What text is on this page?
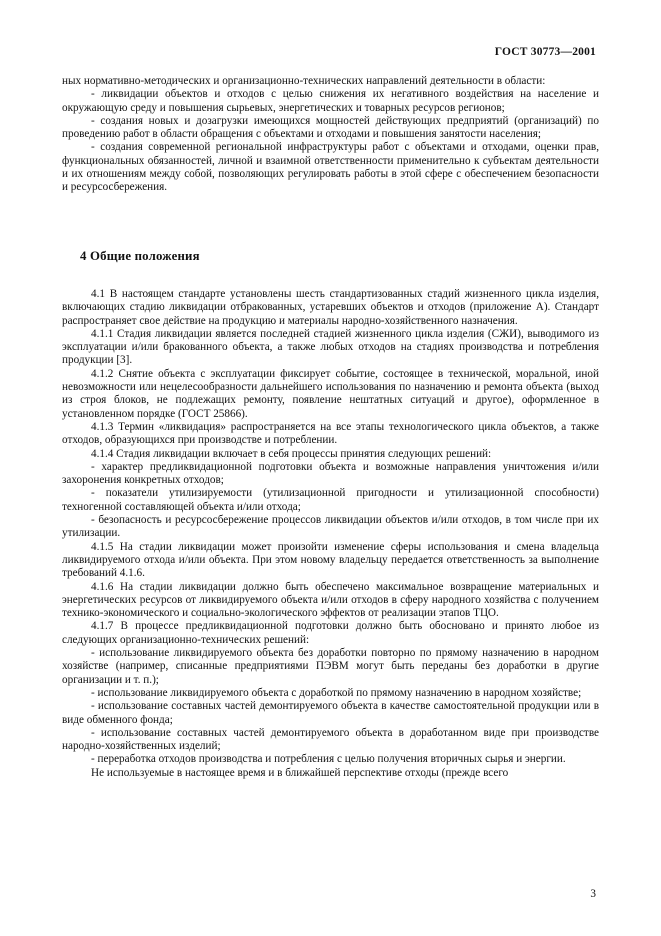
ГОСТ 30773—2001

ных нормативно-методических и организационно-технических направлений деятельности в области:

- ликвидации объектов и отходов с целью снижения их негативного воздействия на население и окружающую среду и повышения сырьевых, энергетических и товарных ресурсов регионов;

- создания новых и дозагрузки имеющихся мощностей действующих предприятий (организаций) по проведению работ в области обращения с объектами и отходами и повышения занятости населения;

- создания современной региональной инфраструктуры работ с объектами и отходами, оценки прав, функциональных обязанностей, личной и взаимной ответственности применительно к субъектам деятельности и их отношениям между собой, позволяющих регулировать работы в этой сфере с обеспечением безопасности и ресурсосбережения.

4 Общие положения

4.1 В настоящем стандарте установлены шесть стандартизованных стадий жизненного цикла изделия, включающих стадию ликвидации отбракованных, устаревших объектов и отходов (приложение А). Стандарт распространяет свое действие на продукцию и материалы народно-хозяйственного назначения.

4.1.1 Стадия ликвидации является последней стадией жизненного цикла изделия (СЖИ), выводимого из эксплуатации и/или бракованного объекта, а также любых отходов на стадиях производства и потребления продукции [3].

4.1.2 Снятие объекта с эксплуатации фиксирует событие, состоящее в технической, моральной, иной невозможности или нецелесообразности дальнейшего использования по назначению и ремонта объекта (выход из строя блоков, не подлежащих ремонту, появление нештатных ситуаций и другое), оформленное в установленном порядке (ГОСТ 25866).

4.1.3 Термин «ликвидация» распространяется на все этапы технологического цикла объектов, а также отходов, образующихся при производстве и потреблении.

4.1.4 Стадия ликвидации включает в себя процессы принятия следующих решений:

- характер предликвидационной подготовки объекта и возможные направления уничтожения и/или захоронения конкретных отходов;

- показатели утилизируемости (утилизационной пригодности и утилизационной способности) техногенной составляющей объекта и/или отхода;

- безопасность и ресурсосбережение процессов ликвидации объектов и/или отходов, в том числе при их утилизации.

4.1.5 На стадии ликвидации может произойти изменение сферы использования и смена владельца ликвидируемого отхода и/или объекта. При этом новому владельцу передается ответственность за выполнение требований 4.1.6.

4.1.6 На стадии ликвидации должно быть обеспечено максимальное возвращение материальных и энергетических ресурсов от ликвидируемого объекта и/или отходов в сферу народного хозяйства с получением технико-экономического и социально-экологического эффектов от реализации этапов ТЦО.

4.1.7 В процессе предликвидационной подготовки должно быть обосновано и принято любое из следующих организационно-технических решений:

- использование ликвидируемого объекта без доработки повторно по прямому назначению в народном хозяйстве (например, списанные предприятиями ПЭВМ могут быть переданы без доработки в другие организации и т. п.);

- использование ликвидируемого объекта с доработкой по прямому назначению в народном хозяйстве;

- использование составных частей демонтируемого объекта в качестве самостоятельной продукции или в виде обменного фонда;

- использование составных частей демонтируемого объекта в доработанном виде при производстве народно-хозяйственных изделий;

- переработка отходов производства и потребления с целью получения вторичных сырья и энергии.

Не используемые в настоящее время и в ближайшей перспективе отходы (прежде всего

3
